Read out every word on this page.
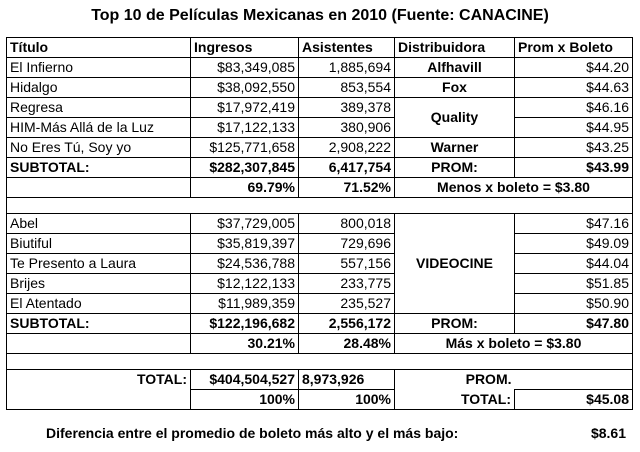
Top 10 de Películas Mexicanas en 2010 (Fuente: CANACINE)
Título	Ingresos	Asistentes	Distribuidora	Prom x Boleto
El Infierno	$83,349,085	1,885,694	Alfhavill	$44.20
Hidalgo	$38,092,550	853,554	Fox	$44.63
Regresa	$17,972,419	389,378	Quality	$46.16
HIM-Más Allá de la Luz	$17,122,133	380,906		$44.95
No Eres Tú, Soy yo	$125,771,658	2,908,222	Warner	$43.25
SUBTOTAL:	$282,307,845	6,417,754	PROM:	$43.99
	69.79%	71.52%	Menos x boleto = $3.80	

Abel	$37,729,005	800,018	VIDEOCINE	$47.16
Biutiful	$35,819,397	729,696		$49.09
Te Presento a Laura	$24,536,788	557,156		$44.04
Brijes	$12,122,133	233,775		$51.85
El Atentado	$11,989,359	235,527		$50.90
SUBTOTAL:	$122,196,682	2,556,172	PROM:	$47.80
	30.21%	28.48%	Más x boleto = $3.80	

TOTAL:	$404,504,527	8,973,926	PROM.	
	100%	100%	TOTAL:	$45.08
Diferencia entre el promedio de boleto más alto y el más bajo:	$8.61
